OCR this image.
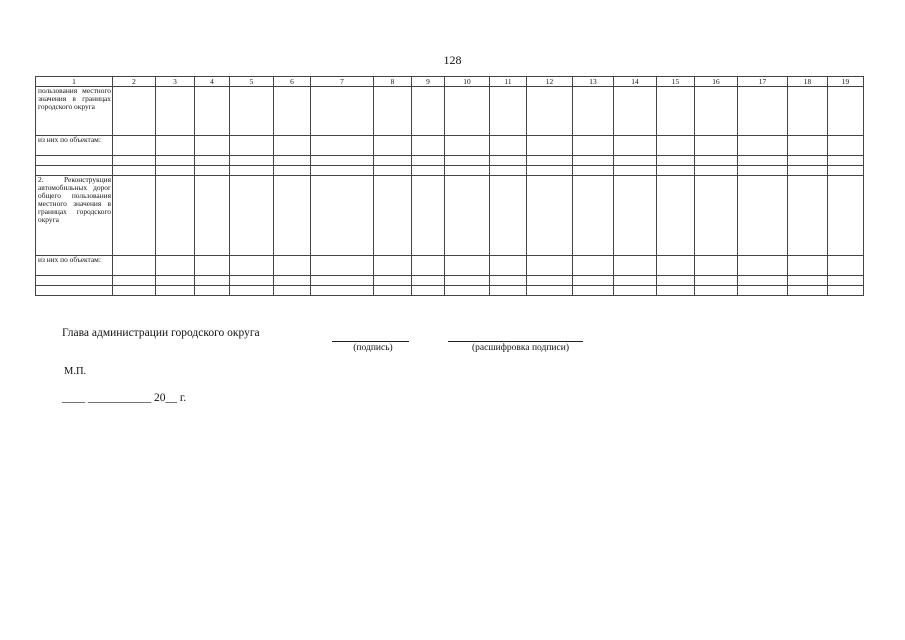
128
1	2	3	4	5	6	7	8	9	10	11	12	13	14	15	16	17	18	19
пользования местного значения в границах городского округа																		
из них по объектам:																		

2. Реконструкция автомобильных дорог общего пользования местного значения в границах городского округа																		
из них по объектам:																		

Глава администрации городского округа
(подпись)	(расшифровка подписи)
М.П.
____ ___________ 20__ г.
